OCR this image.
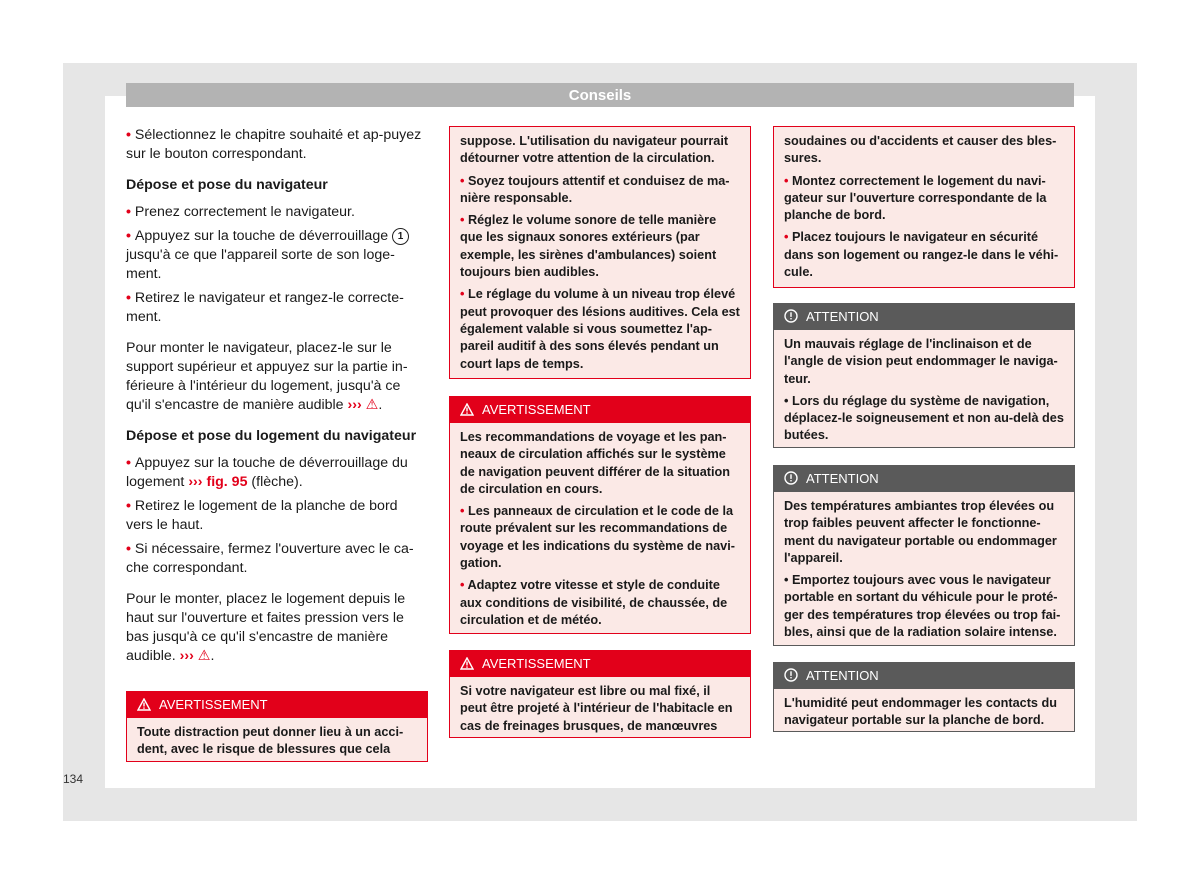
Conseils

• Sélectionnez le chapitre souhaité et ap-puyez sur le bouton correspondant.

Dépose et pose du navigateur

• Prenez correctement le navigateur.

• Appuyez sur la touche de déverrouillage 1 jusqu'à ce que l'appareil sorte de son loge-ment.

• Retirez le navigateur et rangez-le correcte-ment.

Pour monter le navigateur, placez-le sur le support supérieur et appuyez sur la partie in-férieure à l'intérieur du logement, jusqu'à ce qu'il s'encastre de manière audible ››› ⚠.

Dépose et pose du logement du navigateur

• Appuyez sur la touche de déverrouillage du logement ››› fig. 95 (flèche).

• Retirez le logement de la planche de bord vers le haut.

• Si nécessaire, fermez l'ouverture avec le ca-che correspondant.

Pour le monter, placez le logement depuis le haut sur l'ouverture et faites pression vers le bas jusqu'à ce qu'il s'encastre de manière audible. ››› ⚠.

AVERTISSEMENT

Toute distraction peut donner lieu à un acci-dent, avec le risque de blessures que cela

suppose. L'utilisation du navigateur pourrait détourner votre attention de la circulation.

• Soyez toujours attentif et conduisez de ma-nière responsable.

• Réglez le volume sonore de telle manière que les signaux sonores extérieurs (par exemple, les sirènes d'ambulances) soient toujours bien audibles.

• Le réglage du volume à un niveau trop élevé peut provoquer des lésions auditives. Cela est également valable si vous soumettez l'ap-pareil auditif à des sons élevés pendant un court laps de temps.

AVERTISSEMENT

Les recommandations de voyage et les pan-neaux de circulation affichés sur le système de navigation peuvent différer de la situation de circulation en cours.

• Les panneaux de circulation et le code de la route prévalent sur les recommandations de voyage et les indications du système de navi-gation.

• Adaptez votre vitesse et style de conduite aux conditions de visibilité, de chaussée, de circulation et de météo.

AVERTISSEMENT

Si votre navigateur est libre ou mal fixé, il peut être projeté à l'intérieur de l'habitacle en cas de freinages brusques, de manœuvres

soudaines ou d'accidents et causer des bles-sures.

• Montez correctement le logement du navi-gateur sur l'ouverture correspondante de la planche de bord.

• Placez toujours le navigateur en sécurité dans son logement ou rangez-le dans le véhi-cule.

ATTENTION

Un mauvais réglage de l'inclinaison et de l'angle de vision peut endommager le naviga-teur.

• Lors du réglage du système de navigation, déplacez-le soigneusement et non au-delà des butées.

ATTENTION

Des températures ambiantes trop élevées ou trop faibles peuvent affecter le fonctionne-ment du navigateur portable ou endommager l'appareil.

• Emportez toujours avec vous le navigateur portable en sortant du véhicule pour le proté-ger des températures trop élevées ou trop fai-bles, ainsi que de la radiation solaire intense.

ATTENTION

L'humidité peut endommager les contacts du navigateur portable sur la planche de bord.

134
